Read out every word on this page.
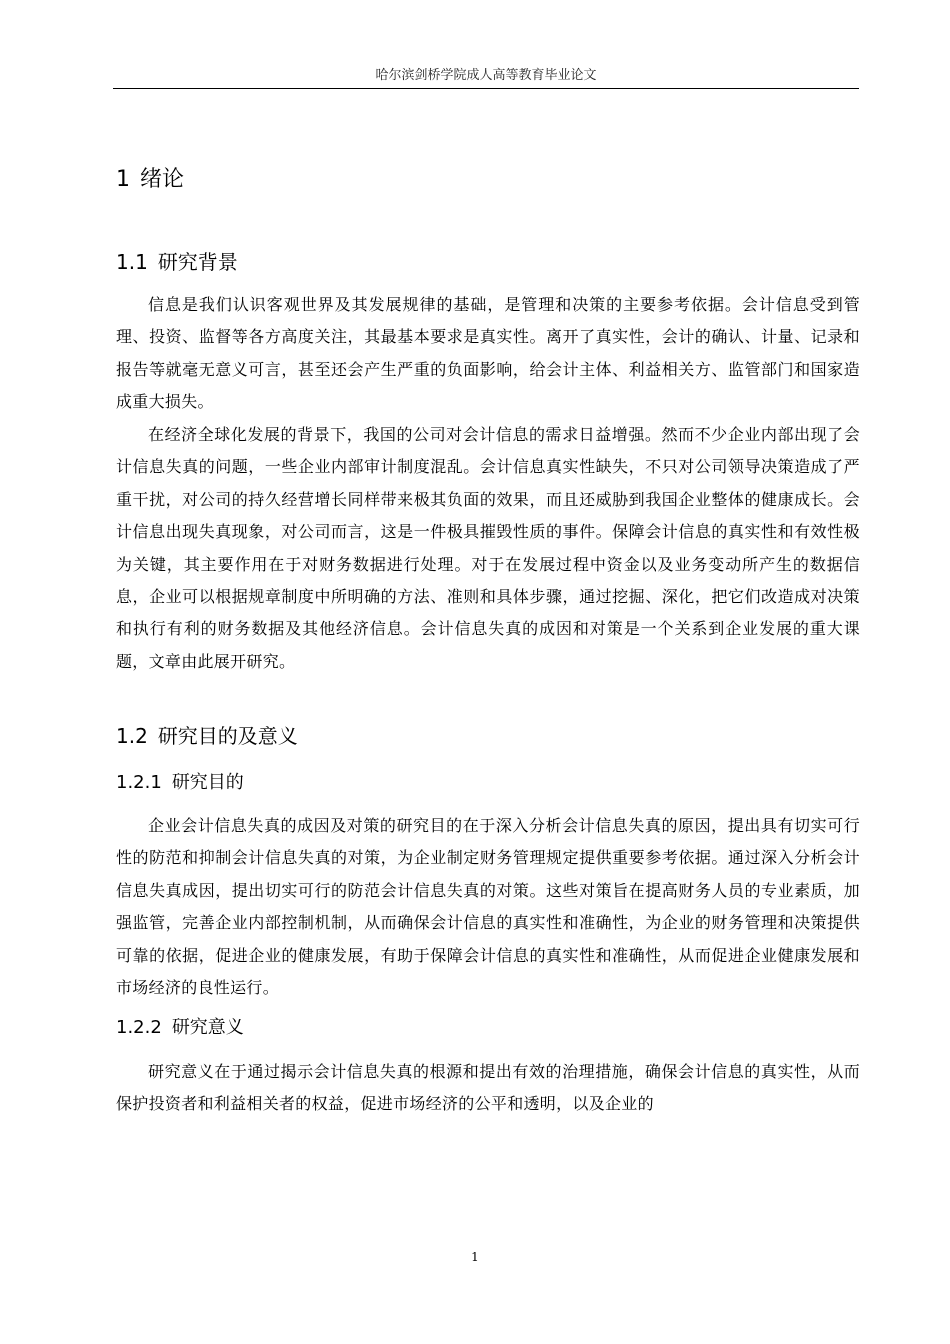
哈尔滨剑桥学院成人高等教育毕业论文
1 绪论
1.1 研究背景

信息是我们认识客观世界及其发展规律的基础，是管理和决策的主要参考依据。会计信息受到管理、投资、监督等各方高度关注，其最基本要求是真实性。离开了真实性，会计的确认、计量、记录和报告等就毫无意义可言，甚至还会产生严重的负面影响，给会计主体、利益相关方、监管部门和国家造成重大损失。

在经济全球化发展的背景下，我国的公司对会计信息的需求日益增强。然而不少企业内部出现了会计信息失真的问题，一些企业内部审计制度混乱。会计信息真实性缺失，不只对公司领导决策造成了严重干扰，对公司的持久经营增长同样带来极其负面的效果，而且还威胁到我国企业整体的健康成长。会计信息出现失真现象，对公司而言，这是一件极具摧毁性质的事件。保障会计信息的真实性和有效性极为关键，其主要作用在于对财务数据进行处理。对于在发展过程中资金以及业务变动所产生的数据信息，企业可以根据规章制度中所明确的方法、准则和具体步骤，通过挖掘、深化，把它们改造成对决策和执行有利的财务数据及其他经济信息。会计信息失真的成因和对策是一个关系到企业发展的重大课题，文章由此展开研究。

1.2 研究目的及意义
1.2.1 研究目的

企业会计信息失真的成因及对策的研究目的在于深入分析会计信息失真的原因，提出具有切实可行性的防范和抑制会计信息失真的对策，为企业制定财务管理规定提供重要参考依据。通过深入分析会计信息失真成因，提出切实可行的防范会计信息失真的对策。这些对策旨在提高财务人员的专业素质，加强监管，完善企业内部控制机制，从而确保会计信息的真实性和准确性，为企业的财务管理和决策提供可靠的依据，促进企业的健康发展，有助于保障会计信息的真实性和准确性，从而促进企业健康发展和市场经济的良性运行。

1.2.2 研究意义

研究意义在于通过揭示会计信息失真的根源和提出有效的治理措施，确保会计信息的真实性，从而保护投资者和利益相关者的权益，促进市场经济的公平和透明，以及企业的

1
